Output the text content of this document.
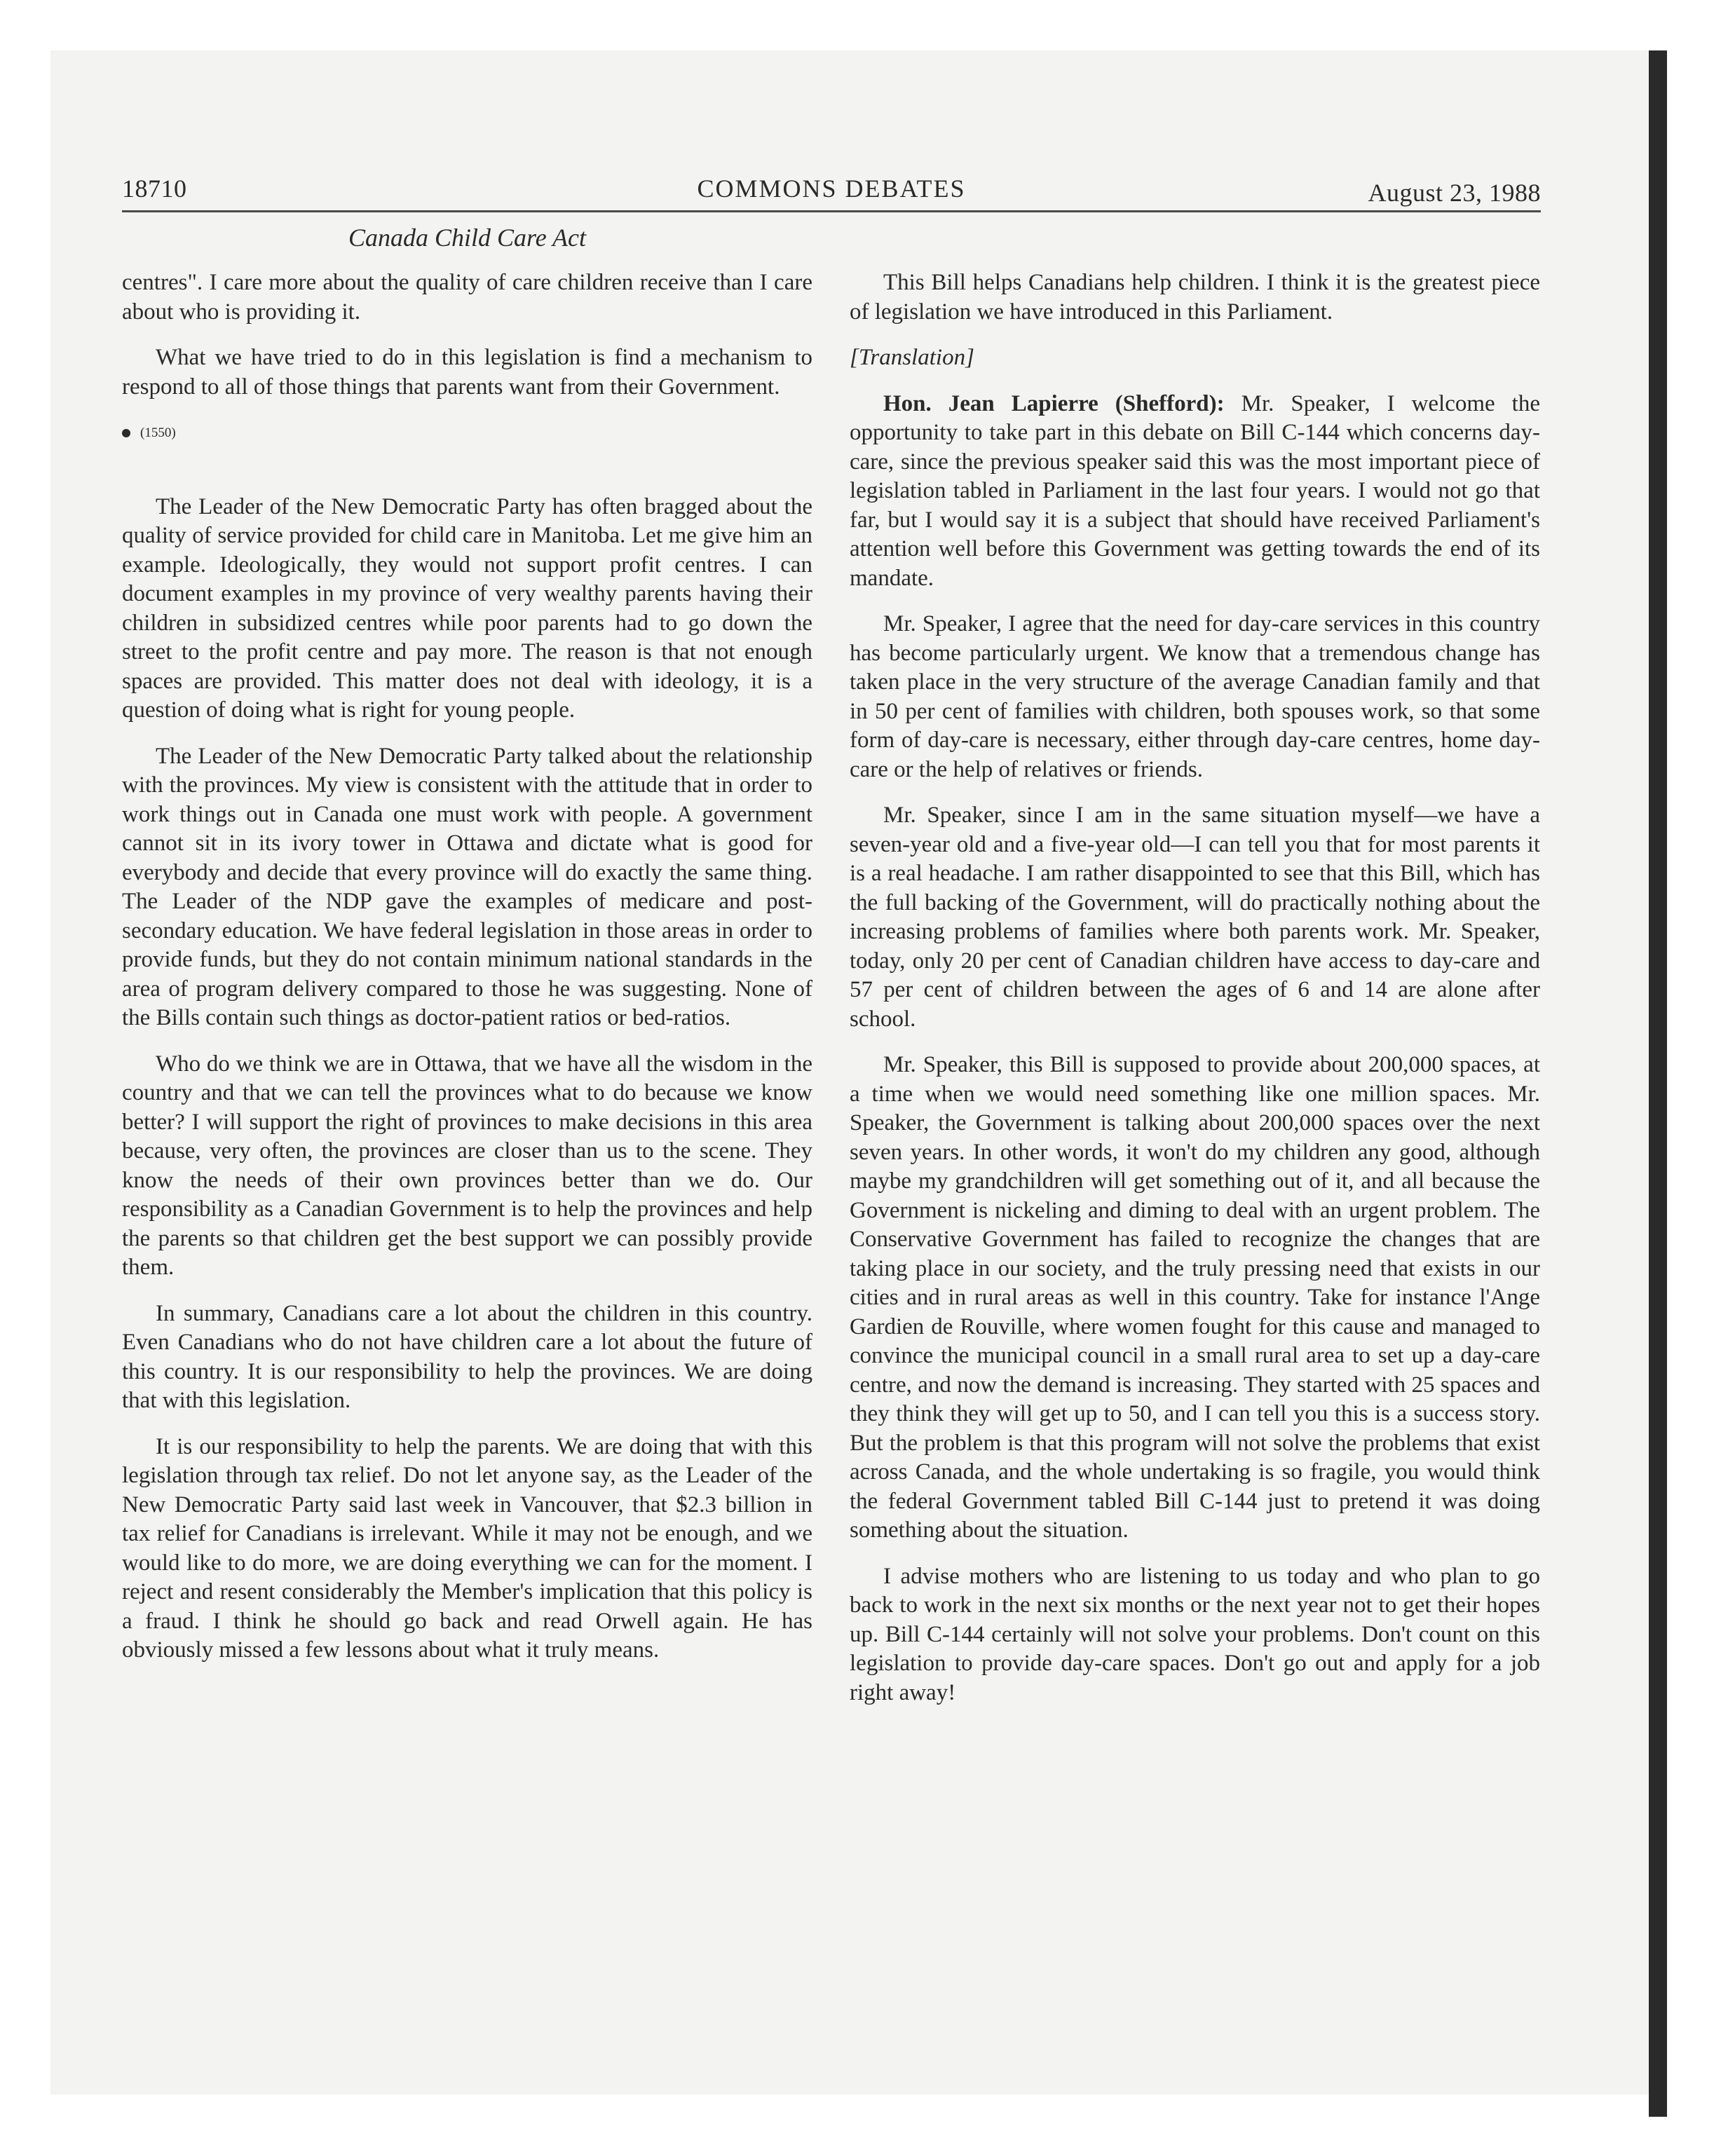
18710	COMMONS DEBATES	August 23, 1988
Canada Child Care Act

centres". I care more about the quality of care children receive than I care about who is providing it.

What we have tried to do in this legislation is find a mechanism to respond to all of those things that parents want from their Government.

(1550)

The Leader of the New Democratic Party has often bragged about the quality of service provided for child care in Manitoba. Let me give him an example. Ideologically, they would not support profit centres. I can document examples in my province of very wealthy parents having their children in subsidized centres while poor parents had to go down the street to the profit centre and pay more. The reason is that not enough spaces are provided. This matter does not deal with ideology, it is a question of doing what is right for young people.

The Leader of the New Democratic Party talked about the relationship with the provinces. My view is consistent with the attitude that in order to work things out in Canada one must work with people. A government cannot sit in its ivory tower in Ottawa and dictate what is good for everybody and decide that every province will do exactly the same thing. The Leader of the NDP gave the examples of medicare and post-secondary education. We have federal legislation in those areas in order to provide funds, but they do not contain minimum national standards in the area of program delivery compared to those he was suggesting. None of the Bills contain such things as doctor-patient ratios or bed-ratios.

Who do we think we are in Ottawa, that we have all the wisdom in the country and that we can tell the provinces what to do because we know better? I will support the right of provinces to make decisions in this area because, very often, the provinces are closer than us to the scene. They know the needs of their own provinces better than we do. Our responsibility as a Canadian Government is to help the provinces and help the parents so that children get the best support we can possibly provide them.

In summary, Canadians care a lot about the children in this country. Even Canadians who do not have children care a lot about the future of this country. It is our responsibility to help the provinces. We are doing that with this legislation.

It is our responsibility to help the parents. We are doing that with this legislation through tax relief. Do not let anyone say, as the Leader of the New Democratic Party said last week in Vancouver, that $2.3 billion in tax relief for Canadians is irrelevant. While it may not be enough, and we would like to do more, we are doing everything we can for the moment. I reject and resent considerably the Member's implication that this policy is a fraud. I think he should go back and read Orwell again. He has obviously missed a few lessons about what it truly means.

This Bill helps Canadians help children. I think it is the greatest piece of legislation we have introduced in this Parliament.

[Translation]

Hon. Jean Lapierre (Shefford): Mr. Speaker, I welcome the opportunity to take part in this debate on Bill C-144 which concerns day-care, since the previous speaker said this was the most important piece of legislation tabled in Parliament in the last four years. I would not go that far, but I would say it is a subject that should have received Parliament's attention well before this Government was getting towards the end of its mandate.

Mr. Speaker, I agree that the need for day-care services in this country has become particularly urgent. We know that a tremendous change has taken place in the very structure of the average Canadian family and that in 50 per cent of families with children, both spouses work, so that some form of day-care is necessary, either through day-care centres, home day-care or the help of relatives or friends.

Mr. Speaker, since I am in the same situation myself—we have a seven-year old and a five-year old—I can tell you that for most parents it is a real headache. I am rather disappointed to see that this Bill, which has the full backing of the Government, will do practically nothing about the increasing problems of families where both parents work. Mr. Speaker, today, only 20 per cent of Canadian children have access to day-care and 57 per cent of children between the ages of 6 and 14 are alone after school.

Mr. Speaker, this Bill is supposed to provide about 200,000 spaces, at a time when we would need something like one million spaces. Mr. Speaker, the Government is talking about 200,000 spaces over the next seven years. In other words, it won't do my children any good, although maybe my grandchildren will get something out of it, and all because the Government is nickeling and diming to deal with an urgent problem. The Conservative Government has failed to recognize the changes that are taking place in our society, and the truly pressing need that exists in our cities and in rural areas as well in this country. Take for instance l'Ange Gardien de Rouville, where women fought for this cause and managed to convince the municipal council in a small rural area to set up a day-care centre, and now the demand is increasing. They started with 25 spaces and they think they will get up to 50, and I can tell you this is a success story. But the problem is that this program will not solve the problems that exist across Canada, and the whole undertaking is so fragile, you would think the federal Government tabled Bill C-144 just to pretend it was doing something about the situation.

I advise mothers who are listening to us today and who plan to go back to work in the next six months or the next year not to get their hopes up. Bill C-144 certainly will not solve your problems. Don't count on this legislation to provide day-care spaces. Don't go out and apply for a job right away!
